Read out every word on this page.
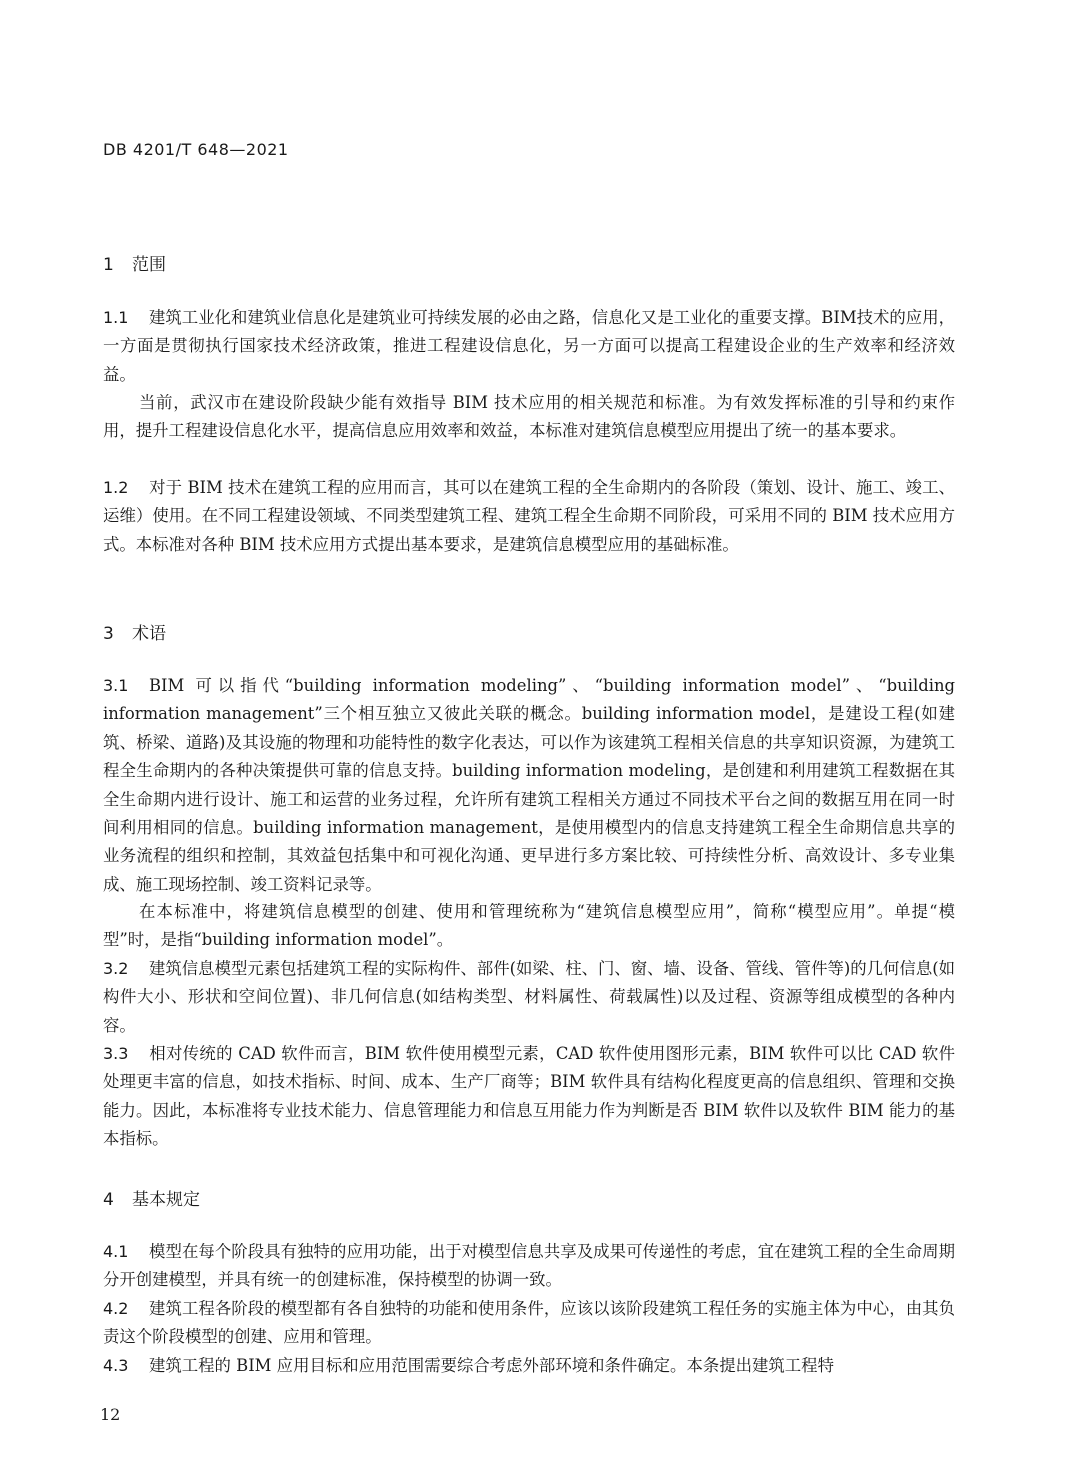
DB 4201/T 648—2021
1 范围

1.1 建筑工业化和建筑业信息化是建筑业可持续发展的必由之路，信息化又是工业化的重要支撑。BIM技术的应用，一方面是贯彻执行国家技术经济政策，推进工程建设信息化，另一方面可以提高工程建设企业的生产效率和经济效益。

当前，武汉市在建设阶段缺少能有效指导 BIM 技术应用的相关规范和标准。为有效发挥标准的引导和约束作用，提升工程建设信息化水平，提高信息应用效率和效益，本标准对建筑信息模型应用提出了统一的基本要求。

1.2 对于 BIM 技术在建筑工程的应用而言，其可以在建筑工程的全生命期内的各阶段（策划、设计、施工、竣工、运维）使用。在不同工程建设领域、不同类型建筑工程、建筑工程全生命期不同阶段，可采用不同的 BIM 技术应用方式。本标准对各种 BIM 技术应用方式提出基本要求，是建筑信息模型应用的基础标准。

3 术语

3.1 BIM 可以指代“building information modeling”、“building information model”、“building information management”三个相互独立又彼此关联的概念。building information model，是建设工程(如建筑、桥梁、道路)及其设施的物理和功能特性的数字化表达，可以作为该建筑工程相关信息的共享知识资源，为建筑工程全生命期内的各种决策提供可靠的信息支持。building information modeling，是创建和利用建筑工程数据在其全生命期内进行设计、施工和运营的业务过程，允许所有建筑工程相关方通过不同技术平台之间的数据互用在同一时间利用相同的信息。building information management，是使用模型内的信息支持建筑工程全生命期信息共享的业务流程的组织和控制，其效益包括集中和可视化沟通、更早进行多方案比较、可持续性分析、高效设计、多专业集成、施工现场控制、竣工资料记录等。

在本标准中，将建筑信息模型的创建、使用和管理统称为“建筑信息模型应用”，简称“模型应用”。单提“模型”时，是指“building information model”。

3.2 建筑信息模型元素包括建筑工程的实际构件、部件(如梁、柱、门、窗、墙、设备、管线、管件等)的几何信息(如构件大小、形状和空间位置)、非几何信息(如结构类型、材料属性、荷载属性)以及过程、资源等组成模型的各种内容。

3.3 相对传统的 CAD 软件而言，BIM 软件使用模型元素，CAD 软件使用图形元素，BIM 软件可以比 CAD 软件处理更丰富的信息，如技术指标、时间、成本、生产厂商等；BIM 软件具有结构化程度更高的信息组织、管理和交换能力。因此，本标准将专业技术能力、信息管理能力和信息互用能力作为判断是否 BIM 软件以及软件 BIM 能力的基本指标。

4 基本规定

4.1 模型在每个阶段具有独特的应用功能，出于对模型信息共享及成果可传递性的考虑，宜在建筑工程的全生命周期分开创建模型，并具有统一的创建标准，保持模型的协调一致。

4.2 建筑工程各阶段的模型都有各自独特的功能和使用条件，应该以该阶段建筑工程任务的实施主体为中心，由其负责这个阶段模型的创建、应用和管理。

4.3 建筑工程的 BIM 应用目标和应用范围需要综合考虑外部环境和条件确定。本条提出建筑工程特

12
